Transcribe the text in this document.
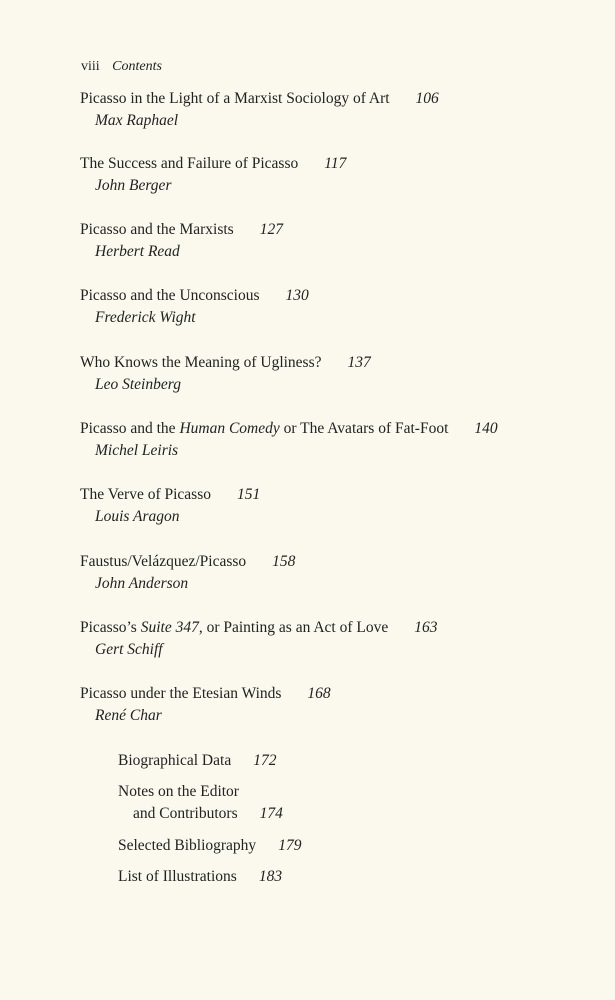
viii Contents
Picasso in the Light of a Marxist Sociology of Art 106
Max Raphael
The Success and Failure of Picasso 117
John Berger
Picasso and the Marxists 127
Herbert Read
Picasso and the Unconscious 130
Frederick Wight
Who Knows the Meaning of Ugliness? 137
Leo Steinberg
Picasso and the Human Comedy or The Avatars of Fat-Foot 140
Michel Leiris
The Verve of Picasso 151
Louis Aragon
Faustus/Velázquez/Picasso 158
John Anderson
Picasso’s Suite 347, or Painting as an Act of Love 163
Gert Schiff
Picasso under the Etesian Winds 168
René Char
Biographical Data 172
Notes on the Editor
and Contributors 174
Selected Bibliography 179
List of Illustrations 183
